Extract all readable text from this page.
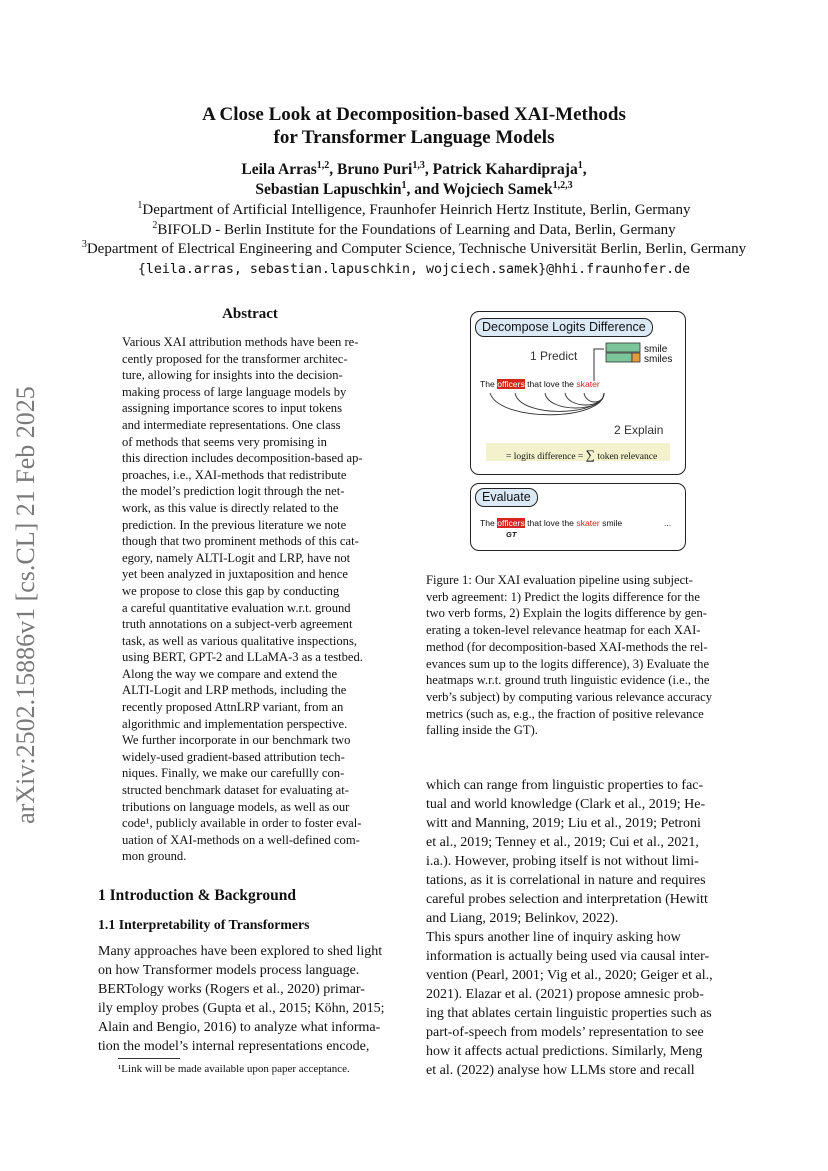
A Close Look at Decomposition-based XAI-Methods
for Transformer Language Models
Leila Arras$^{1,2}$, Bruno Puri$^{1,3}$, Patrick Kahardipraja$^1$,
Sebastian Lapuschkin$^1$, and Wojciech Samek$^{1,2,3}$
$^1$Department of Artificial Intelligence, Fraunhofer Heinrich Hertz Institute, Berlin, Germany
$^2$BIFOLD - Berlin Institute for the Foundations of Learning and Data, Berlin, Germany
$^3$Department of Electrical Engineering and Computer Science, Technische Universität Berlin, Berlin, Germany
{leila.arras, sebastian.lapuschkin, wojciech.samek}@hhi.fraunhofer.de
arXiv:2502.15886v1 [cs.CL] 21 Feb 2025
Abstract
Various XAI attribution methods have been re-
cently proposed for the transformer architec-
ture, allowing for insights into the decision-
making process of large language models by
assigning importance scores to input tokens
and intermediate representations. One class
of methods that seems very promising in
this direction includes decomposition-based ap-
proaches, i.e., XAI-methods that redistribute
the model’s prediction logit through the net-
work, as this value is directly related to the
prediction. In the previous literature we note
though that two prominent methods of this cat-
egory, namely ALTI-Logit and LRP, have not
yet been analyzed in juxtaposition and hence
we propose to close this gap by conducting
a careful quantitative evaluation w.r.t. ground
truth annotations on a subject-verb agreement
task, as well as various qualitative inspections,
using BERT, GPT-2 and LLaMA-3 as a testbed.
Along the way we compare and extend the
ALTI-Logit and LRP methods, including the
recently proposed AttnLRP variant, from an
algorithmic and implementation perspective.
We further incorporate in our benchmark two
widely-used gradient-based attribution tech-
niques. Finally, we make our carefullly con-
structed benchmark dataset for evaluating at-
tributions on language models, as well as our
code¹, publicly available in order to foster eval-
uation of XAI-methods on a well-defined com-
mon ground.
1 Introduction & Background
1.1 Interpretability of Transformers
Many approaches have been explored to shed light
on how Transformer models process language.
BERTology works (Rogers et al., 2020) primar-
ily employ probes (Gupta et al., 2015; Köhn, 2015;
Alain and Bengio, 2016) to analyze what informa-
tion the model’s internal representations encode,
¹Link will be made available upon paper acceptance.
Decompose Logits Difference
1 Predict	smile
smiles
The officers that love the skater
2 Explain
= logits difference = ∑ token relevance
Evaluate
The officers that love the skater smile
GT
...
Figure 1: Our XAI evaluation pipeline using subject-
verb agreement: 1) Predict the logits difference for the
two verb forms, 2) Explain the logits difference by gen-
erating a token-level relevance heatmap for each XAI-
method (for decomposition-based XAI-methods the rel-
evances sum up to the logits difference), 3) Evaluate the
heatmaps w.r.t. ground truth linguistic evidence (i.e., the
verb’s subject) by computing various relevance accuracy
metrics (such as, e.g., the fraction of positive relevance
falling inside the GT).
which can range from linguistic properties to fac-
tual and world knowledge (Clark et al., 2019; He-
witt and Manning, 2019; Liu et al., 2019; Petroni
et al., 2019; Tenney et al., 2019; Cui et al., 2021,
i.a.). However, probing itself is not without limi-
tations, as it is correlational in nature and requires
careful probes selection and interpretation (Hewitt
and Liang, 2019; Belinkov, 2022).
This spurs another line of inquiry asking how
information is actually being used via causal inter-
vention (Pearl, 2001; Vig et al., 2020; Geiger et al.,
2021). Elazar et al. (2021) propose amnesic prob-
ing that ablates certain linguistic properties such as
part-of-speech from models’ representation to see
how it affects actual predictions. Similarly, Meng
et al. (2022) analyse how LLMs store and recall
